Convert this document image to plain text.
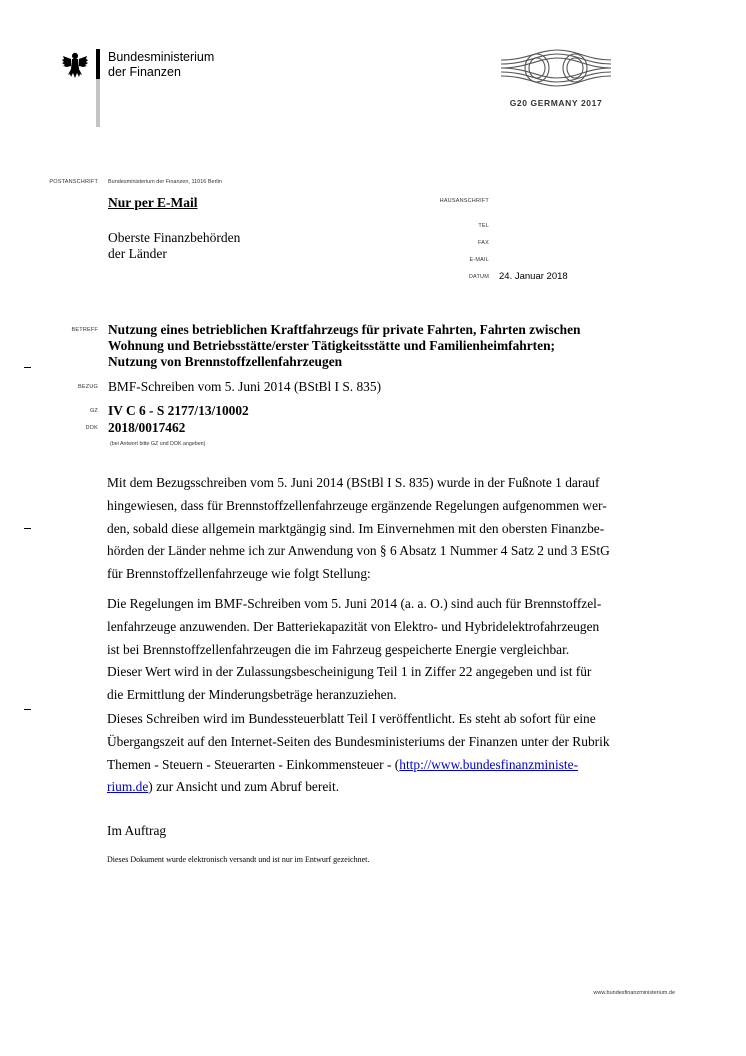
Bundesministerium
der Finanzen
G20 GERMANY 2017
POSTANSCHRIFT Bundesministerium der Finanzen, 11016 Berlin
Nur per E-Mail
Oberste Finanzbehörden
der Länder
HAUSANSCHRIFT
TEL
FAX
E-MAIL
DATUM 24. Januar 2018
BETREFF Nutzung eines betrieblichen Kraftfahrzeugs für private Fahrten, Fahrten zwischen
Wohnung und Betriebsstätte/erster Tätigkeitsstätte und Familienheimfahrten;
Nutzung von Brennstoffzellenfahrzeugen
BEZUG BMF-Schreiben vom 5. Juni 2014 (BStBl I S. 835)
GZ IV C 6 - S 2177/13/10002
DOK 2018/0017462
(bei Antwort bitte GZ und DOK angeben)
Mit dem Bezugsschreiben vom 5. Juni 2014 (BStBl I S. 835) wurde in der Fußnote 1 darauf
hingewiesen, dass für Brennstoffzellenfahrzeuge ergänzende Regelungen aufgenommen wer-
den, sobald diese allgemein marktgängig sind. Im Einvernehmen mit den obersten Finanzbe-
hörden der Länder nehme ich zur Anwendung von § 6 Absatz 1 Nummer 4 Satz 2 und 3 EStG
für Brennstoffzellenfahrzeuge wie folgt Stellung:
Die Regelungen im BMF-Schreiben vom 5. Juni 2014 (a. a. O.) sind auch für Brennstoffzel-
lenfahrzeuge anzuwenden. Der Batteriekapazität von Elektro- und Hybridelektrofahrzeugen
ist bei Brennstoffzellenfahrzeugen die im Fahrzeug gespeicherte Energie vergleichbar.
Dieser Wert wird in der Zulassungsbescheinigung Teil 1 in Ziffer 22 angegeben und ist für
die Ermittlung der Minderungsbeträge heranzuziehen.
Dieses Schreiben wird im Bundessteuerblatt Teil I veröffentlicht. Es steht ab sofort für eine
Übergangszeit auf den Internet-Seiten des Bundesministeriums der Finanzen unter der Rubrik
Themen - Steuern - Steuerarten - Einkommensteuer - (http://www.bundesfinanzministe-
rium.de) zur Ansicht und zum Abruf bereit.
Im Auftrag
Dieses Dokument wurde elektronisch versandt und ist nur im Entwurf gezeichnet.
www.bundesfinanzministerium.de
